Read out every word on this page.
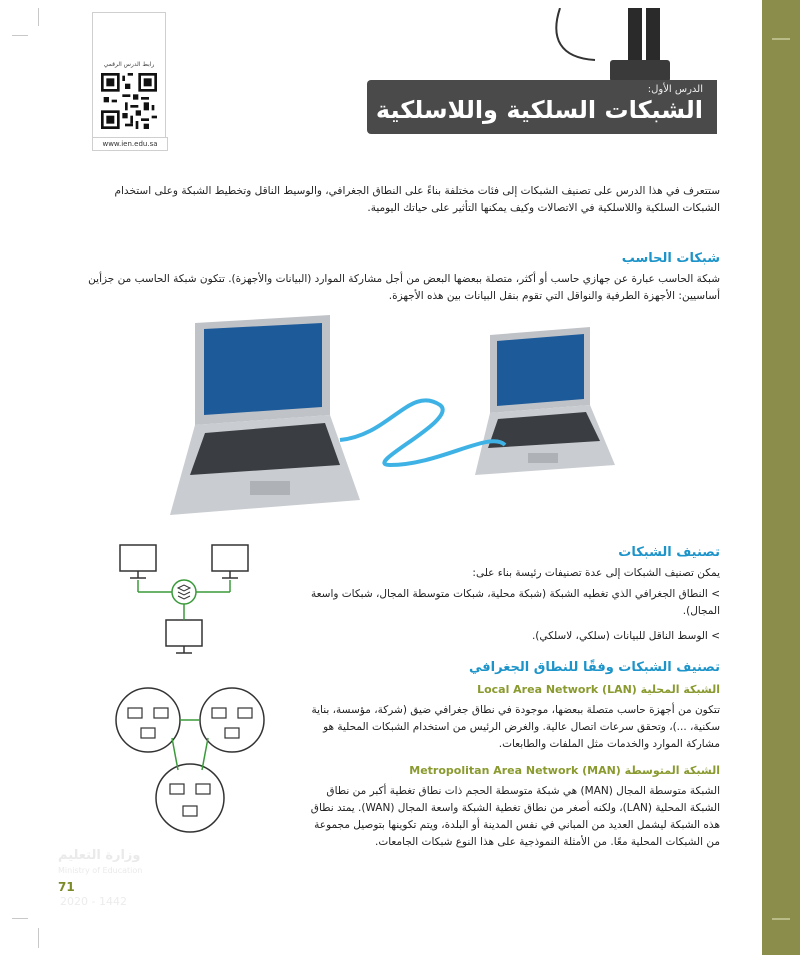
رابط الدرس الرقمي
www.ien.edu.sa
الدرس الأول:
الشبكات السلكية واللاسلكية
ستتعرف في هذا الدرس على تصنيف الشبكات إلى فئات مختلفة بناءً على النطاق الجغرافي، والوسيط الناقل وتخطيط الشبكة وعلى استخدام الشبكات السلكية واللاسلكية في الاتصالات وكيف يمكنها التأثير على حياتك اليومية.
شبكات الحاسب
شبكة الحاسب عبارة عن جهازي حاسب أو أكثر، متصلة ببعضها البعض من أجل مشاركة الموارد (البيانات والأجهزة). تتكون شبكة الحاسب من جزأين أساسيين: الأجهزة الطرفية والنواقل التي تقوم بنقل البيانات بين هذه الأجهزة.
تصنيف الشبكات
يمكن تصنيف الشبكات إلى عدة تصنيفات رئيسة بناء على:
> النطاق الجغرافي الذي تغطيه الشبكة (شبكة محلية، شبكات متوسطة المجال، شبكات واسعة المجال).
> الوسط الناقل للبيانات (سلكي، لاسلكي).
تصنيف الشبكات وفقًا للنطاق الجغرافي
الشبكة المحلية Local Area Network (LAN)
تتكون من أجهزة حاسب متصلة ببعضها، موجودة في نطاق جغرافي ضيق (شركة، مؤسسة، بناية سكنية، ...)، وتحقق سرعات اتصال عالية. والغرض الرئيس من استخدام الشبكات المحلية هو مشاركة الموارد والخدمات مثل الملفات والطابعات.
الشبكة المتوسطة Metropolitan Area Network (MAN)
الشبكة متوسطة المجال (MAN) هي شبكة متوسطة الحجم ذات نطاق تغطية أكبر من نطاق الشبكة المحلية (LAN)، ولكنه أصغر من نطاق تغطية الشبكة واسعة المجال (WAN). يمتد نطاق هذه الشبكة ليشمل العديد من المباني في نفس المدينة أو البلدة، ويتم تكوينها بتوصيل مجموعة من الشبكات المحلية معًا. من الأمثلة النموذجية على هذا النوع شبكات الجامعات.
وزارة التعليم
Ministry of Education
2020 - 1442
71
